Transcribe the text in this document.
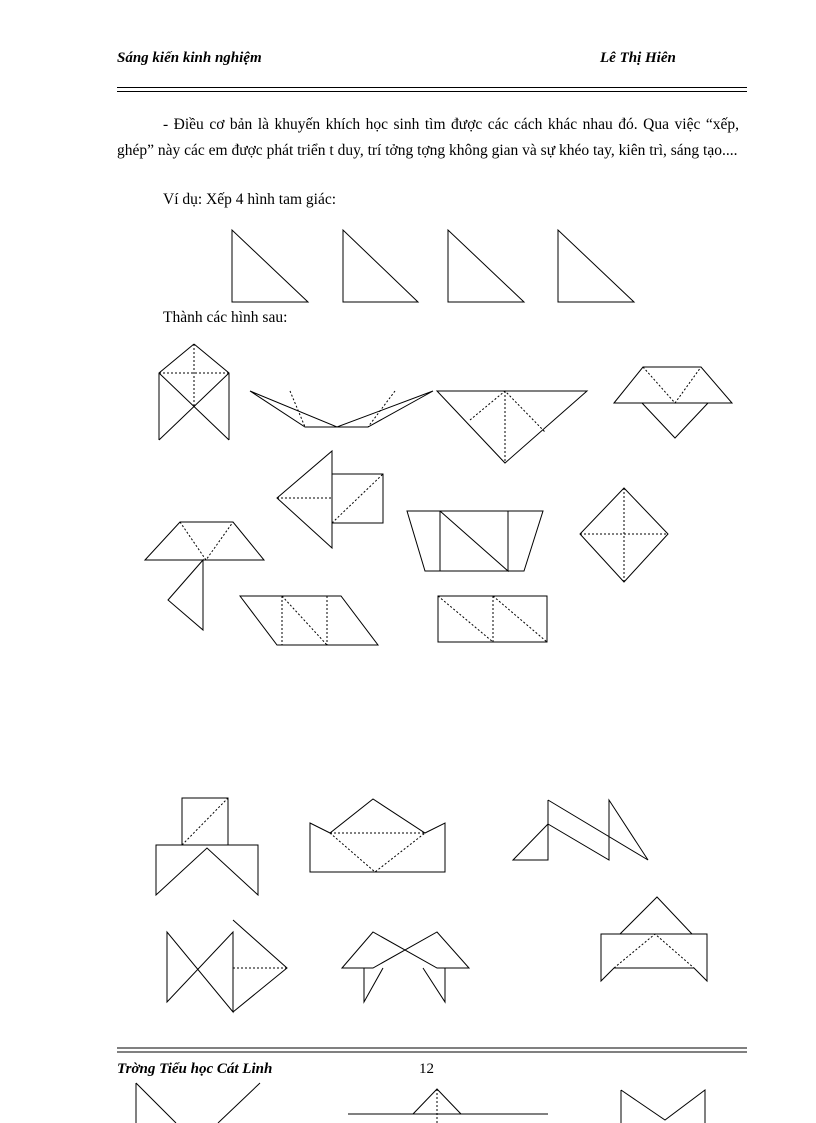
Sáng kiến kinh nghiệm	Lê Thị Hiên
- Điều cơ bản là khuyến khích học sinh tìm được các cách khác nhau đó. Qua việc “xếp, ghép” này các em được phát triển t duy, trí tởng tợng không gian và sự khéo tay, kiên trì, sáng tạo....
Ví dụ: Xếp 4 hình tam giác:
Thành các hình sau:
Trờng Tiểu học Cát Linh	12
